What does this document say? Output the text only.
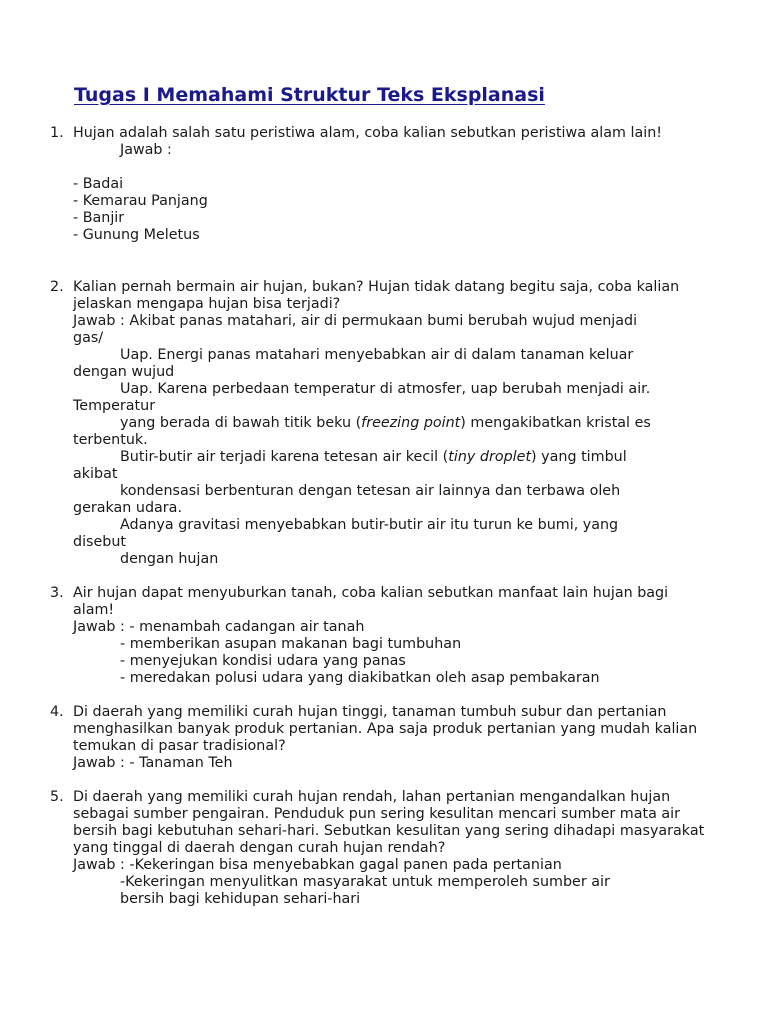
Tugas I Memahami Struktur Teks Eksplanasi
1. Hujan adalah salah satu peristiwa alam, coba kalian sebutkan peristiwa alam lain!
Jawab :
- Badai
- Kemarau Panjang
- Banjir
- Gunung Meletus
2. Kalian pernah bermain air hujan, bukan? Hujan tidak datang begitu saja, coba kalian jelaskan mengapa hujan bisa terjadi?
Jawab : Akibat panas matahari, air di permukaan bumi berubah wujud menjadi
gas/
Uap. Energi panas matahari menyebabkan air di dalam tanaman keluar
dengan wujud
Uap. Karena perbedaan temperatur di atmosfer, uap berubah menjadi air.
Temperatur
yang berada di bawah titik beku (freezing point) mengakibatkan kristal es
terbentuk.
Butir-butir air terjadi karena tetesan air kecil (tiny droplet) yang timbul
akibat
kondensasi berbenturan dengan tetesan air lainnya dan terbawa oleh
gerakan udara.
Adanya gravitasi menyebabkan butir-butir air itu turun ke bumi, yang
disebut
dengan hujan
3. Air hujan dapat menyuburkan tanah, coba kalian sebutkan manfaat lain hujan bagi alam!
Jawab : - menambah cadangan air tanah
- memberikan asupan makanan bagi tumbuhan
- menyejukan kondisi udara yang panas
- meredakan polusi udara yang diakibatkan oleh asap pembakaran
4. Di daerah yang memiliki curah hujan tinggi, tanaman tumbuh subur dan pertanian menghasilkan banyak produk pertanian. Apa saja produk pertanian yang mudah kalian temukan di pasar tradisional?
Jawab : - Tanaman Teh
5. Di daerah yang memiliki curah hujan rendah, lahan pertanian mengandalkan hujan sebagai sumber pengairan. Penduduk pun sering kesulitan mencari sumber mata air bersih bagi kebutuhan sehari-hari. Sebutkan kesulitan yang sering dihadapi masyarakat yang tinggal di daerah dengan curah hujan rendah?
Jawab : -Kekeringan bisa menyebabkan gagal panen pada pertanian
-Kekeringan menyulitkan masyarakat untuk memperoleh sumber air
bersih bagi kehidupan sehari-hari
